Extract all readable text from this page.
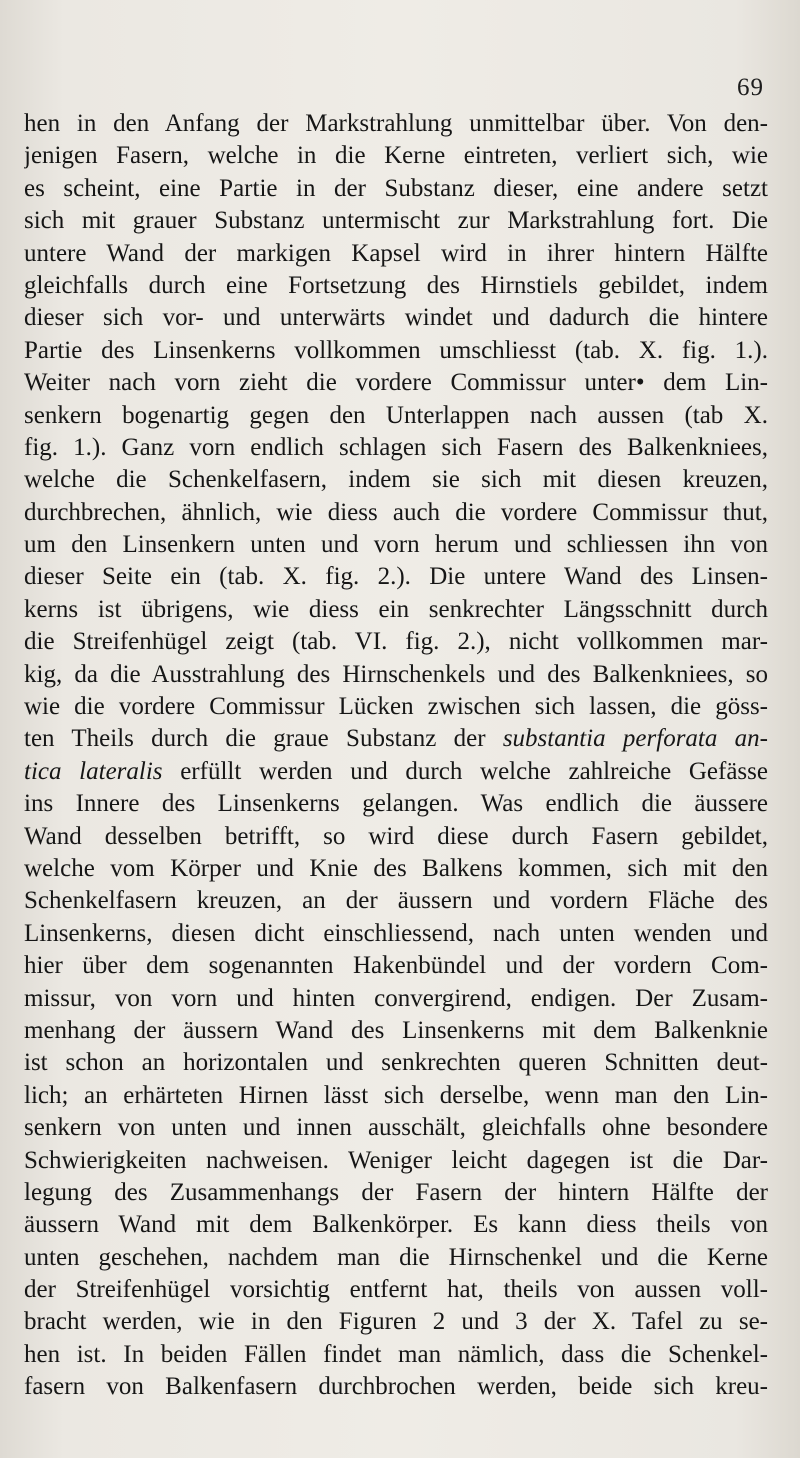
69
hen in den Anfang der Markstrahlung unmittelbar über. Von den-
jenigen Fasern, welche in die Kerne eintreten, verliert sich, wie
es scheint, eine Partie in der Substanz dieser, eine andere setzt
sich mit grauer Substanz untermischt zur Markstrahlung fort. Die
untere Wand der markigen Kapsel wird in ihrer hintern Hälfte
gleichfalls durch eine Fortsetzung des Hirnstiels gebildet, indem
dieser sich vor- und unterwärts windet und dadurch die hintere
Partie des Linsenkerns vollkommen umschliesst (tab. X. fig. 1.).
Weiter nach vorn zieht die vordere Commissur unter• dem Lin-
senkern bogenartig gegen den Unterlappen nach aussen (tab X.
fig. 1.). Ganz vorn endlich schlagen sich Fasern des Balkenkniees,
welche die Schenkelfasern, indem sie sich mit diesen kreuzen,
durchbrechen, ähnlich, wie diess auch die vordere Commissur thut,
um den Linsenkern unten und vorn herum und schliessen ihn von
dieser Seite ein (tab. X. fig. 2.). Die untere Wand des Linsen-
kerns ist übrigens, wie diess ein senkrechter Längsschnitt durch
die Streifenhügel zeigt (tab. VI. fig. 2.), nicht vollkommen mar-
kig, da die Ausstrahlung des Hirnschenkels und des Balkenkniees, so
wie die vordere Commissur Lücken zwischen sich lassen, die göss-
ten Theils durch die graue Substanz der substantia perforata an-
tica lateralis erfüllt werden und durch welche zahlreiche Gefässe
ins Innere des Linsenkerns gelangen. Was endlich die äussere
Wand desselben betrifft, so wird diese durch Fasern gebildet,
welche vom Körper und Knie des Balkens kommen, sich mit den
Schenkelfasern kreuzen, an der äussern und vordern Fläche des
Linsenkerns, diesen dicht einschliessend, nach unten wenden und
hier über dem sogenannten Hakenbündel und der vordern Com-
missur, von vorn und hinten convergirend, endigen. Der Zusam-
menhang der äussern Wand des Linsenkerns mit dem Balkenknie
ist schon an horizontalen und senkrechten queren Schnitten deut-
lich; an erhärteten Hirnen lässt sich derselbe, wenn man den Lin-
senkern von unten und innen ausschält, gleichfalls ohne besondere
Schwierigkeiten nachweisen. Weniger leicht dagegen ist die Dar-
legung des Zusammenhangs der Fasern der hintern Hälfte der
äussern Wand mit dem Balkenkörper. Es kann diess theils von
unten geschehen, nachdem man die Hirnschenkel und die Kerne
der Streifenhügel vorsichtig entfernt hat, theils von aussen voll-
bracht werden, wie in den Figuren 2 und 3 der X. Tafel zu se-
hen ist. In beiden Fällen findet man nämlich, dass die Schenkel-
fasern von Balkenfasern durchbrochen werden, beide sich kreu-
